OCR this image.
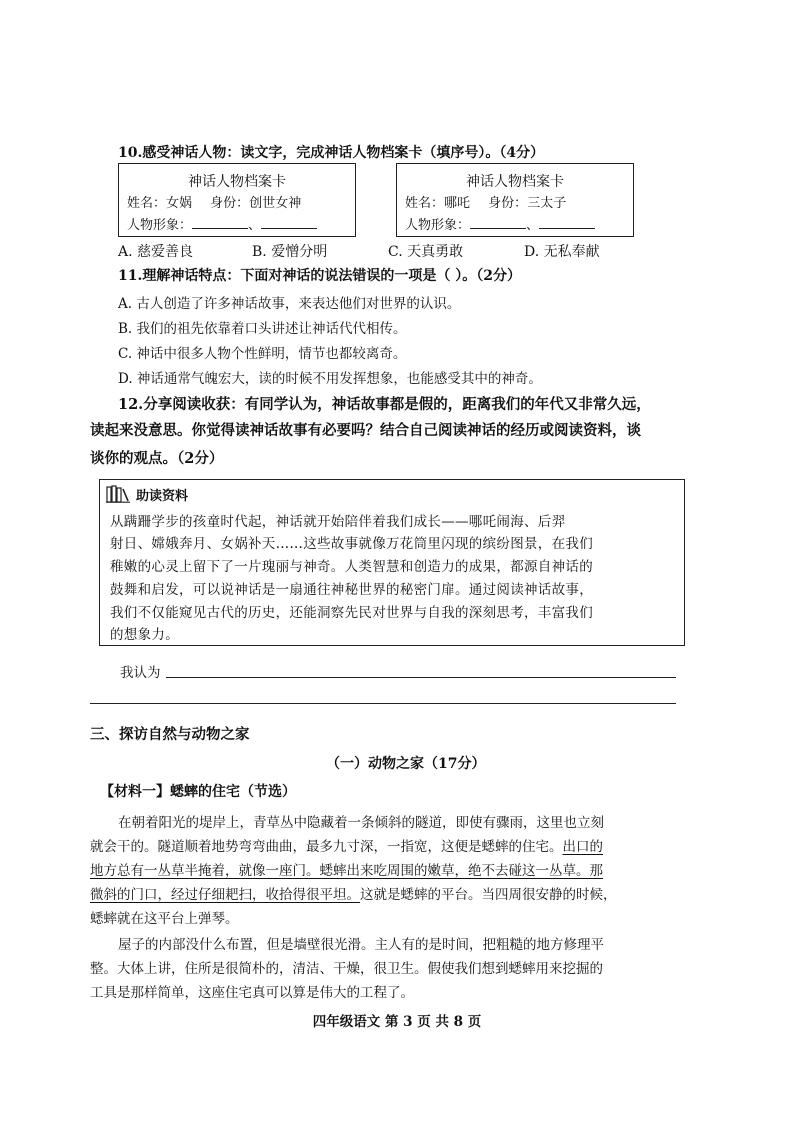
10.感受神话人物：读文字，完成神话人物档案卡（填序号）。（4分）
神话人物档案卡
姓名：女娲 身份：创世女神
人物形象：	、
神话人物档案卡
姓名：哪吒 身份：三太子
人物形象：	、
A. 慈爱善良	B. 爱憎分明	C. 天真勇敢	D. 无私奉献
11.理解神话特点：下面对神话的说法错误的一项是（ ）。（2分）
A. 古人创造了许多神话故事，来表达他们对世界的认识。
B. 我们的祖先依靠着口头讲述让神话代代相传。
C. 神话中很多人物个性鲜明，情节也都较离奇。
D. 神话通常气魄宏大，读的时候不用发挥想象，也能感受其中的神奇。
12.分享阅读收获：有同学认为，神话故事都是假的，距离我们的年代又非常久远，
读起来没意思。你觉得读神话故事有必要吗？结合自己阅读神话的经历或阅读资料，谈
谈你的观点。（2分）
助读资料
从蹒跚学步的孩童时代起，神话就开始陪伴着我们成长——哪吒闹海、后羿
射日、嫦娥奔月、女娲补天……这些故事就像万花筒里闪现的缤纷图景，在我们
稚嫩的心灵上留下了一片瑰丽与神奇。人类智慧和创造力的成果，都源自神话的
鼓舞和启发，可以说神话是一扇通往神秘世界的秘密门扉。通过阅读神话故事，
我们不仅能窥见古代的历史，还能洞察先民对世界与自我的深刻思考，丰富我们
的想象力。
我认为
三、探访自然与动物之家
（一）动物之家（17分）
【材料一】蟋蟀的住宅（节选）
在朝着阳光的堤岸上，青草丛中隐藏着一条倾斜的隧道，即使有骤雨，这里也立刻
就会干的。隧道顺着地势弯弯曲曲，最多九寸深，一指宽，这便是蟋蟀的住宅。出口的
地方总有一丛草半掩着，就像一座门。蟋蟀出来吃周围的嫩草，绝不去碰这一丛草。那
微斜的门口，经过仔细耙扫，收拾得很平坦。这就是蟋蟀的平台。当四周很安静的时候，
蟋蟀就在这平台上弹琴。
屋子的内部没什么布置，但是墙壁很光滑。主人有的是时间，把粗糙的地方修理平
整。大体上讲，住所是很简朴的，清洁、干燥，很卫生。假使我们想到蟋蟀用来挖掘的
工具是那样简单，这座住宅真可以算是伟大的工程了。
四年级语文 第 3 页 共 8 页
